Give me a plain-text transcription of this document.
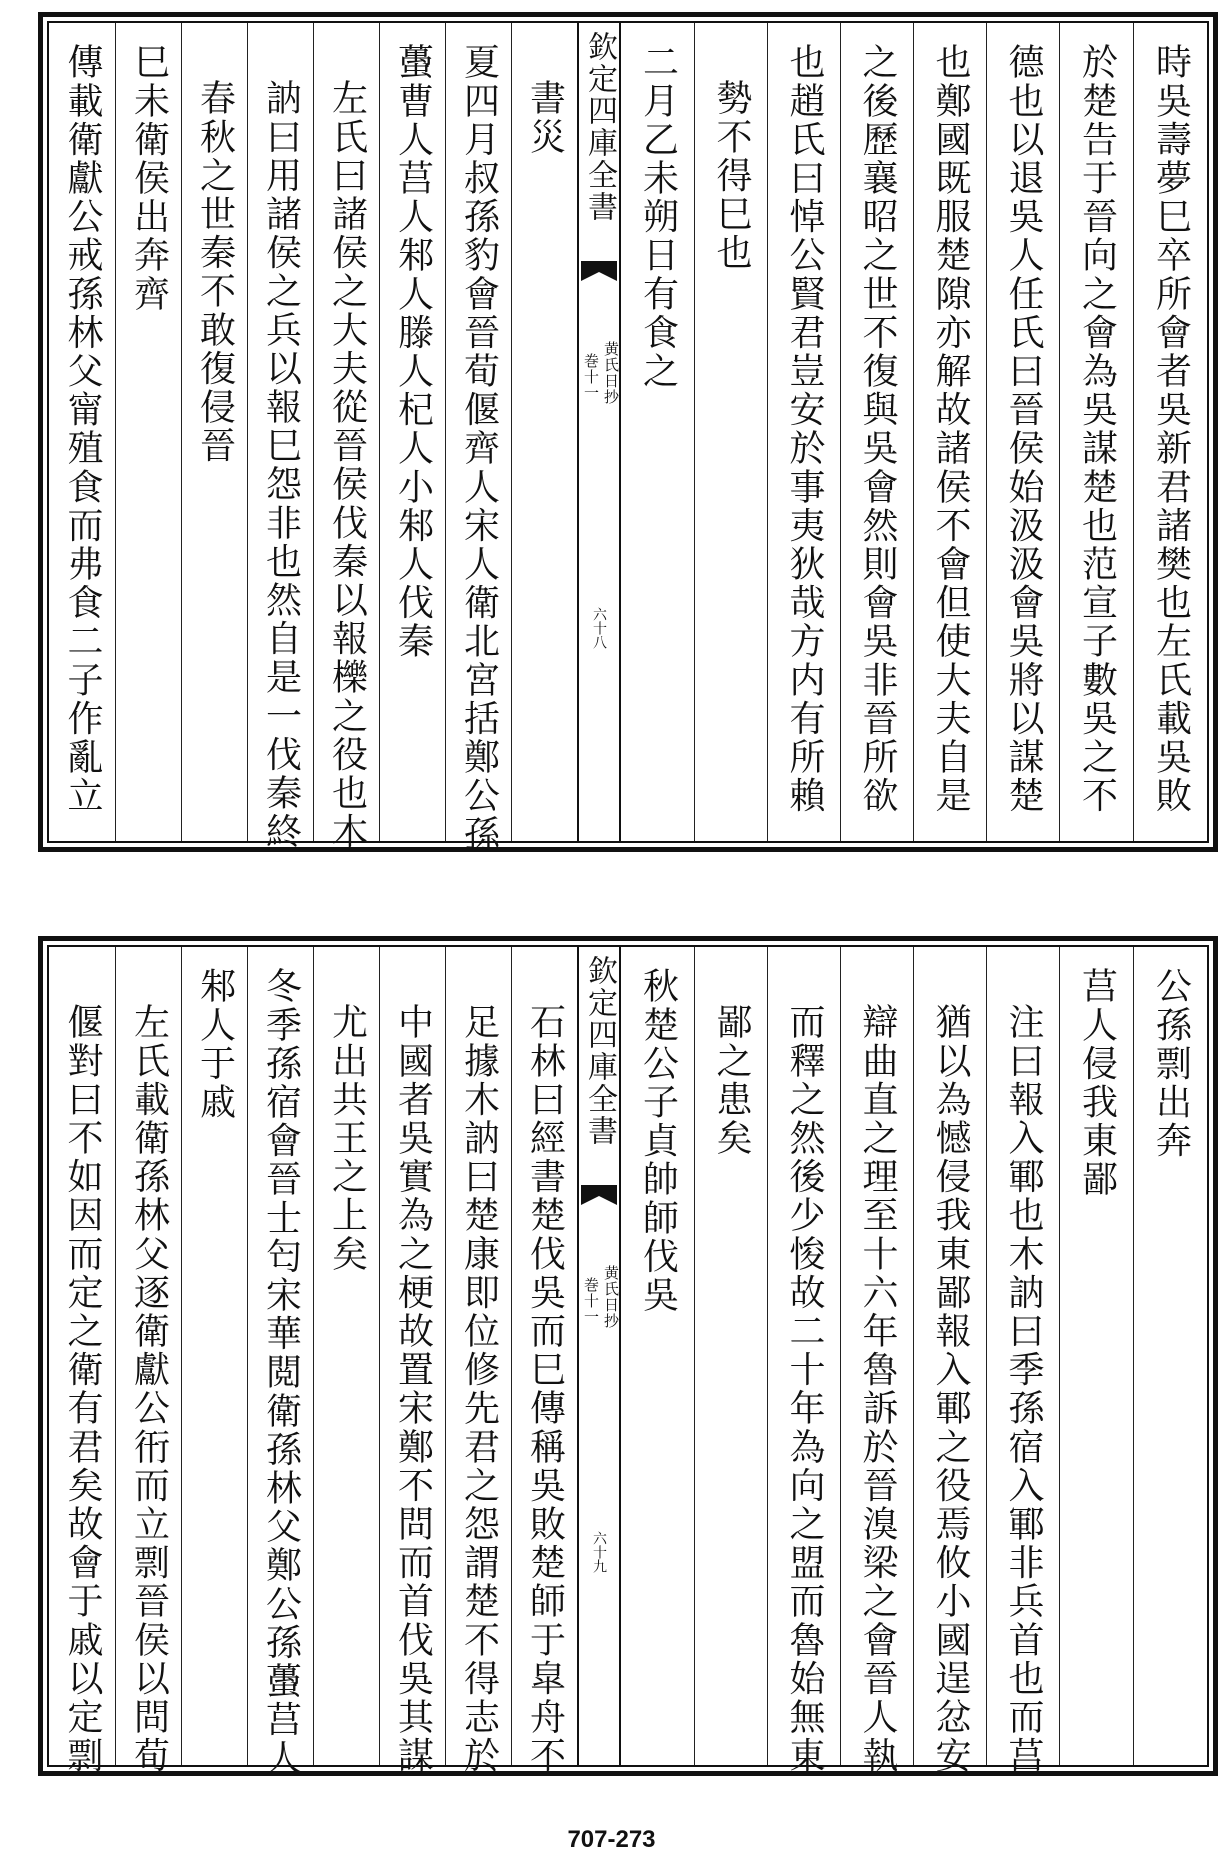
傳載衛獻公戒孫林父甯殖食而弗食二子作亂立 巳未衛侯出奔齊 春秋之世秦不敢復侵晉 訥曰用諸侯之兵以報巳怨非也然自是一伐秦終 左氏曰諸侯之大夫從晉侯伐秦以報櫟之役也木 蠆曹人莒人邾人滕人杞人小邾人伐秦 夏四月叔孫豹會晉荀偃齊人宋人衛北宮括鄭公孫 書災 欽定四庫全書
黄氏日抄
巻十一
六十八
二月乙未朔日有食之 勢不得巳也 也趙氏曰悼公賢君豈安於事夷狄哉方内有所賴 之後歷襄昭之世不復與吳會然則會吳非晉所欲 也鄭國既服楚隙亦解故諸侯不會但使大夫自是 德也以退吳人任氏曰晉侯始汲汲會吳將以謀楚 於楚告于晉向之會為吳謀楚也范宣子數吳之不 時吳壽夢巳卒所會者吳新君諸樊也左氏載吳敗
偃對曰不如因而定之衛有君矣故會于戚以定剽 左氏載衛孫林父逐衛獻公衎而立剽晉侯以問荀 邾人于戚 冬季孫宿會晉士匄宋華閲衛孫林父鄭公孫蠆莒人 尤出共王之上矣 中國者吳實為之梗故置宋鄭不問而首伐吳其謀 足據木訥曰楚康即位修先君之怨謂楚不得志於 石林曰經書楚伐吳而巳傳稱吳敗楚師于皐舟不 欽定四庫全書
黄氏日抄
巻十一
六十九
秋楚公子貞帥師伐吳 鄙之患矣 而釋之然後少悛故二十年為向之盟而魯始無東 辯曲直之理至十六年魯訴於晉溴梁之會晉人執 猶以為憾侵我東鄙報入鄆之役焉攸小國逞忿安 注曰報入鄆也木訥曰季孫宿入鄆非兵首也而莒 莒人侵我東鄙 公孫剽出奔
707-273
